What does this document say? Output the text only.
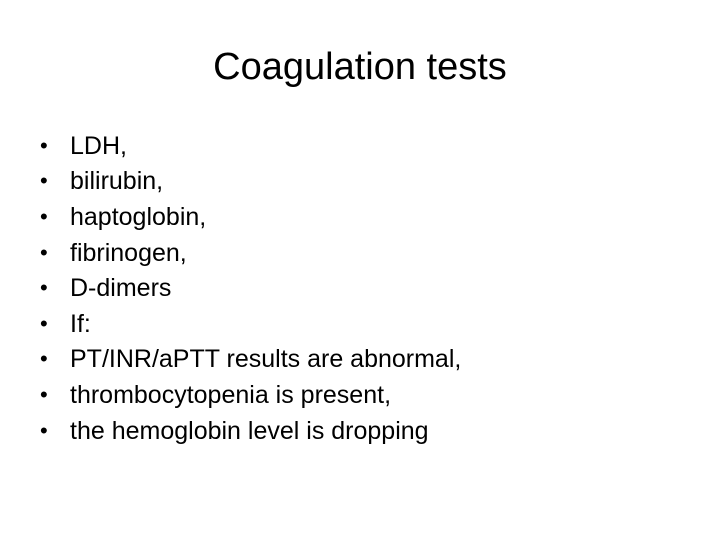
Coagulation tests
• LDH,
• bilirubin,
• haptoglobin,
• fibrinogen,
• D-dimers
• If:
• PT/INR/aPTT results are abnormal,
• thrombocytopenia is present,
• the hemoglobin level is dropping
